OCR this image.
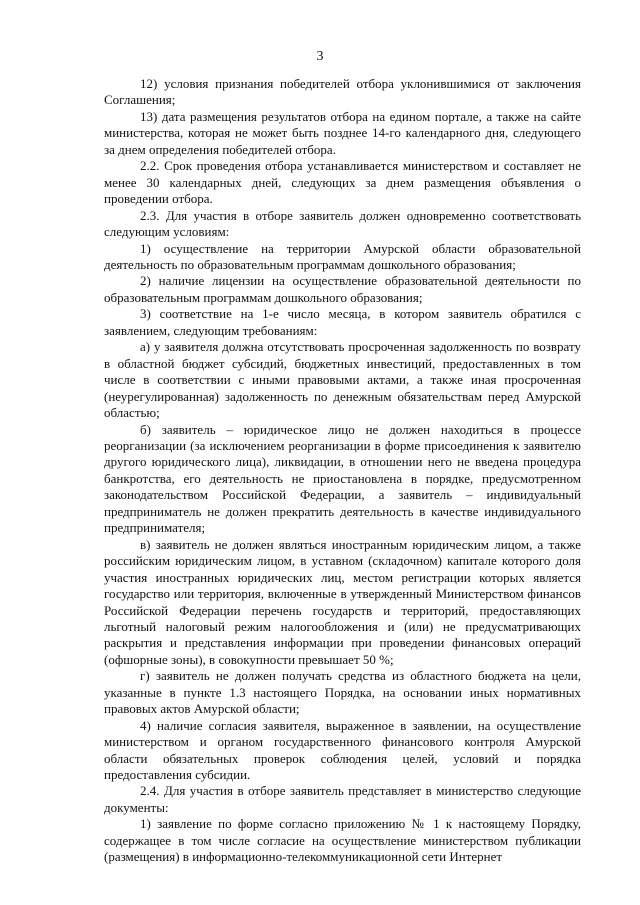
3

12) условия признания победителей отбора уклонившимися от заключения Соглашения;

13) дата размещения результатов отбора на едином портале, а также на сайте министерства, которая не может быть позднее 14-го календарного дня, следующего за днем определения победителей отбора.

2.2. Срок проведения отбора устанавливается министерством и составляет не менее 30 календарных дней, следующих за днем размещения объявления о проведении отбора.

2.3. Для участия в отборе заявитель должен одновременно соответствовать следующим условиям:

1) осуществление на территории Амурской области образовательной деятельность по образовательным программам дошкольного образования;

2) наличие лицензии на осуществление образовательной деятельности по образовательным программам дошкольного образования;

3) соответствие на 1-е число месяца, в котором заявитель обратился с заявлением, следующим требованиям:

а) у заявителя должна отсутствовать просроченная задолженность по возврату в областной бюджет субсидий, бюджетных инвестиций, предоставленных в том числе в соответствии с иными правовыми актами, а также иная просроченная (неурегулированная) задолженность по денежным обязательствам перед Амурской областью;

б) заявитель – юридическое лицо не должен находиться в процессе реорганизации (за исключением реорганизации в форме присоединения к заявителю другого юридического лица), ликвидации, в отношении него не введена процедура банкротства, его деятельность не приостановлена в порядке, предусмотренном законодательством Российской Федерации, а заявитель – индивидуальный предприниматель не должен прекратить деятельность в качестве индивидуального предпринимателя;

в) заявитель не должен являться иностранным юридическим лицом, а также российским юридическим лицом, в уставном (складочном) капитале которого доля участия иностранных юридических лиц, местом регистрации которых является государство или территория, включенные в утвержденный Министерством финансов Российской Федерации перечень государств и территорий, предоставляющих льготный налоговый режим налогообложения и (или) не предусматривающих раскрытия и представления информации при проведении финансовых операций (офшорные зоны), в совокупности превышает 50 %;

г) заявитель не должен получать средства из областного бюджета на цели, указанные в пункте 1.3 настоящего Порядка, на основании иных нормативных правовых актов Амурской области;

4) наличие согласия заявителя, выраженное в заявлении, на осуществление министерством и органом государственного финансового контроля Амурской области обязательных проверок соблюдения целей, условий и порядка предоставления субсидии.

2.4. Для участия в отборе заявитель представляет в министерство следующие документы:

1) заявление по форме согласно приложению № 1 к настоящему Порядку, содержащее в том числе согласие на осуществление министерством публикации (размещения) в информационно-телекоммуникационной сети Интернет
